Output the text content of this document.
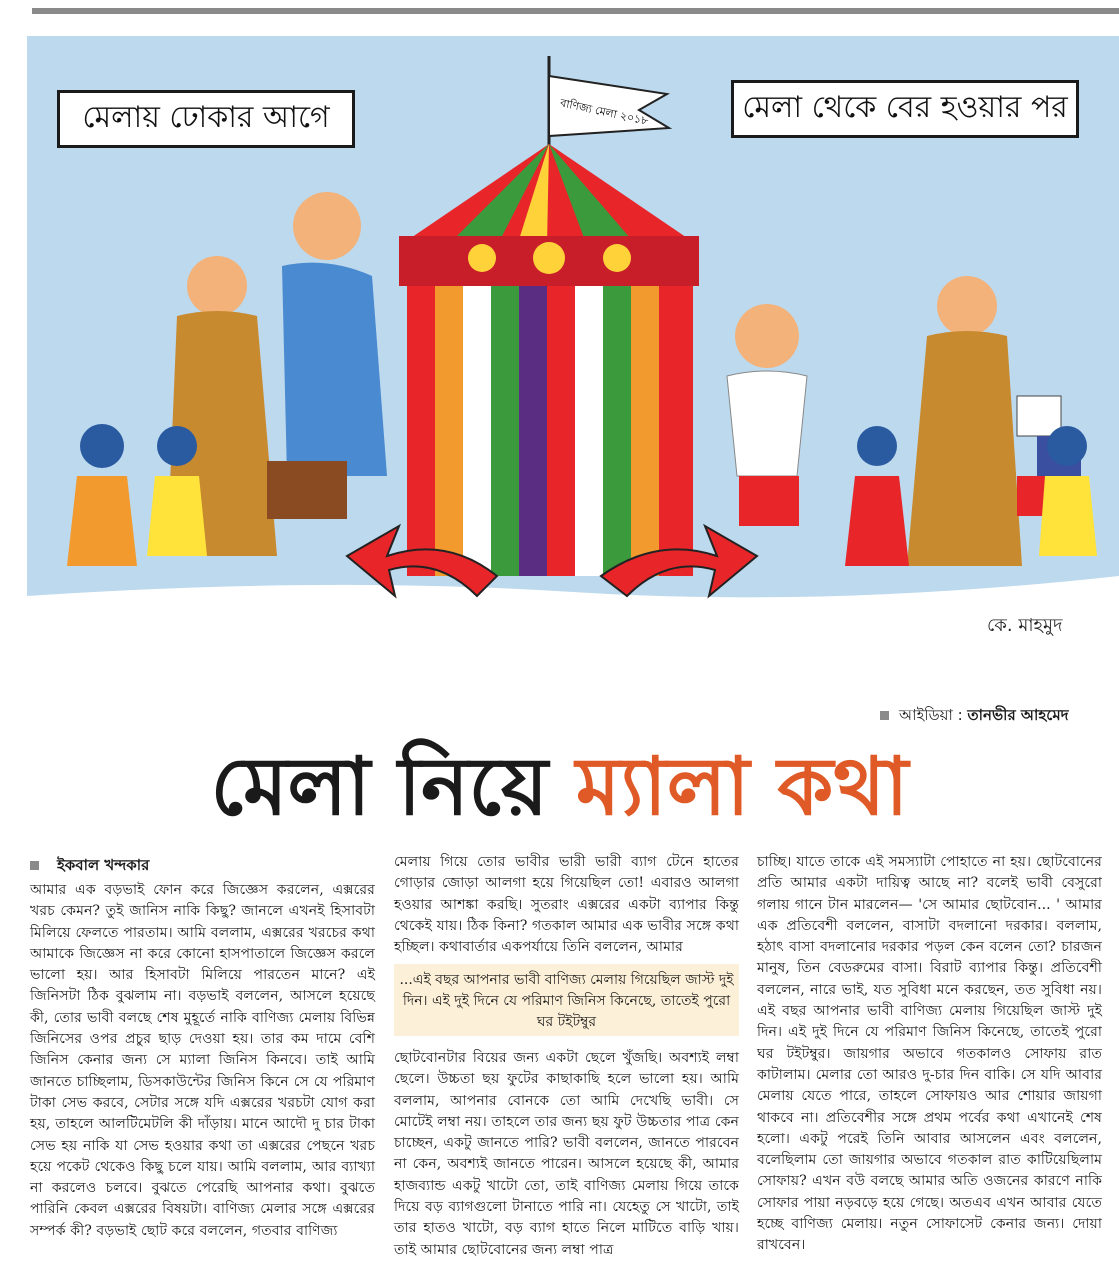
বাণিজ্য মেলা ২০১৮
কে. মাহমুদ
মেলায় ঢোকার আগে	মেলা থেকে বের হওয়ার পর
আইডিয়া : তানভীর আহমেদ
মেলা নিয়ে ম্যালা কথা
ইকবাল খন্দকার
আমার এক বড়ভাই ফোন করে জিজ্ঞেস করলেন, এক্সরের খরচ কেমন? তুই জানিস নাকি কিছু? জানলে এখনই হিসাবটা মিলিয়ে ফেলতে পারতাম। আমি বললাম, এক্সরের খরচের কথা আমাকে জিজ্ঞেস না করে কোনো হাসপাতালে জিজ্ঞেস করলে ভালো হয়। আর হিসাবটা মিলিয়ে পারতেন মানে? এই জিনিসটা ঠিক বুঝলাম না। বড়ভাই বললেন, আসলে হয়েছে কী, তোর ভাবী বলছে শেষ মুহূর্তে নাকি বাণিজ্য মেলায় বিভিন্ন জিনিসের ওপর প্রচুর ছাড় দেওয়া হয়। তার কম দামে বেশি জিনিস কেনার জন্য সে ম্যালা জিনিস কিনবে। তাই আমি জানতে চাচ্ছিলাম, ডিসকাউন্টের জিনিস কিনে সে যে পরিমাণ টাকা সেভ করবে, সেটার সঙ্গে যদি এক্সরের খরচটা যোগ করা হয়, তাহলে আলটিমেটলি কী দাঁড়ায়। মানে আদৌ দু চার টাকা সেভ হয় নাকি যা সেভ হওয়ার কথা তা এক্সরের পেছনে খরচ হয়ে পকেট থেকেও কিছু চলে যায়। আমি বললাম, আর ব্যাখ্যা না করলেও চলবে। বুঝতে পেরেছি আপনার কথা। বুঝতে পারিনি কেবল এক্সরের বিষয়টা। বাণিজ্য মেলার সঙ্গে এক্সরের সম্পর্ক কী? বড়ভাই ছোট করে বললেন, গতবার বাণিজ্য
মেলায় গিয়ে তোর ভাবীর ভারী ভারী ব্যাগ টেনে হাতের গোড়ার জোড়া আলগা হয়ে গিয়েছিল তো! এবারও আলগা হওয়ার আশঙ্কা করছি। সুতরাং এক্সরের একটা ব্যাপার কিন্তু থেকেই যায়। ঠিক কিনা? গতকাল আমার এক ভাবীর সঙ্গে কথা হচ্ছিল। কথাবার্তার একপর্যায়ে তিনি বললেন, আমার
...এই বছর আপনার ভাবী বাণিজ্য মেলায় গিয়েছিল জাস্ট দুই দিন। এই দুই দিনে যে পরিমাণ জিনিস কিনেছে, তাতেই পুরো ঘর টইটম্বুর
ছোটবোনটার বিয়ের জন্য একটা ছেলে খুঁজছি। অবশ্যই লম্বা ছেলে। উচ্চতা ছয় ফুটের কাছাকাছি হলে ভালো হয়। আমি বললাম, আপনার বোনকে তো আমি দেখেছি ভাবী। সে মোটেই লম্বা নয়। তাহলে তার জন্য ছয় ফুট উচ্চতার পাত্র কেন চাচ্ছেন, একটু জানতে পারি? ভাবী বললেন, জানতে পারবেন না কেন, অবশ্যই জানতে পারেন। আসলে হয়েছে কী, আমার হাজব্যান্ড একটু খাটো তো, তাই বাণিজ্য মেলায় গিয়ে তাকে দিয়ে বড় ব্যাগগুলো টানাতে পারি না। যেহেতু সে খাটো, তাই তার হাতও খাটো, বড় ব্যাগ হাতে নিলে মাটিতে বাড়ি খায়। তাই আমার ছোটবোনের জন্য লম্বা পাত্র
চাচ্ছি। যাতে তাকে এই সমস্যাটা পোহাতে না হয়। ছোটবোনের প্রতি আমার একটা দায়িত্ব আছে না? বলেই ভাবী বেসুরো গলায় গানে টান মারলেন— 'সে আমার ছোটবোন... ' আমার এক প্রতিবেশী বললেন, বাসাটা বদলানো দরকার। বললাম, হঠাৎ বাসা বদলানোর দরকার পড়ল কেন বলেন তো? চারজন মানুষ, তিন বেডরুমের বাসা। বিরাট ব্যাপার কিন্তু। প্রতিবেশী বললেন, নারে ভাই, যত সুবিধা মনে করছেন, তত সুবিধা নয়। এই বছর আপনার ভাবী বাণিজ্য মেলায় গিয়েছিল জাস্ট দুই দিন। এই দুই দিনে যে পরিমাণ জিনিস কিনেছে, তাতেই পুরো ঘর টইটম্বুর। জায়গার অভাবে গতকালও সোফায় রাত কাটালাম। মেলার তো আরও দু-চার দিন বাকি। সে যদি আবার মেলায় যেতে পারে, তাহলে সোফায়ও আর শোয়ার জায়গা থাকবে না। প্রতিবেশীর সঙ্গে প্রথম পর্বের কথা এখানেই শেষ হলো। একটু পরেই তিনি আবার আসলেন এবং বললেন, বলেছিলাম তো জায়গার অভাবে গতকাল রাত কাটিয়েছিলাম সোফায়? এখন বউ বলছে আমার অতি ওজনের কারণে নাকি সোফার পায়া নড়বড়ে হয়ে গেছে। অতএব এখন আবার যেতে হচ্ছে বাণিজ্য মেলায়। নতুন সোফাসেট কেনার জন্য। দোয়া রাখবেন।
